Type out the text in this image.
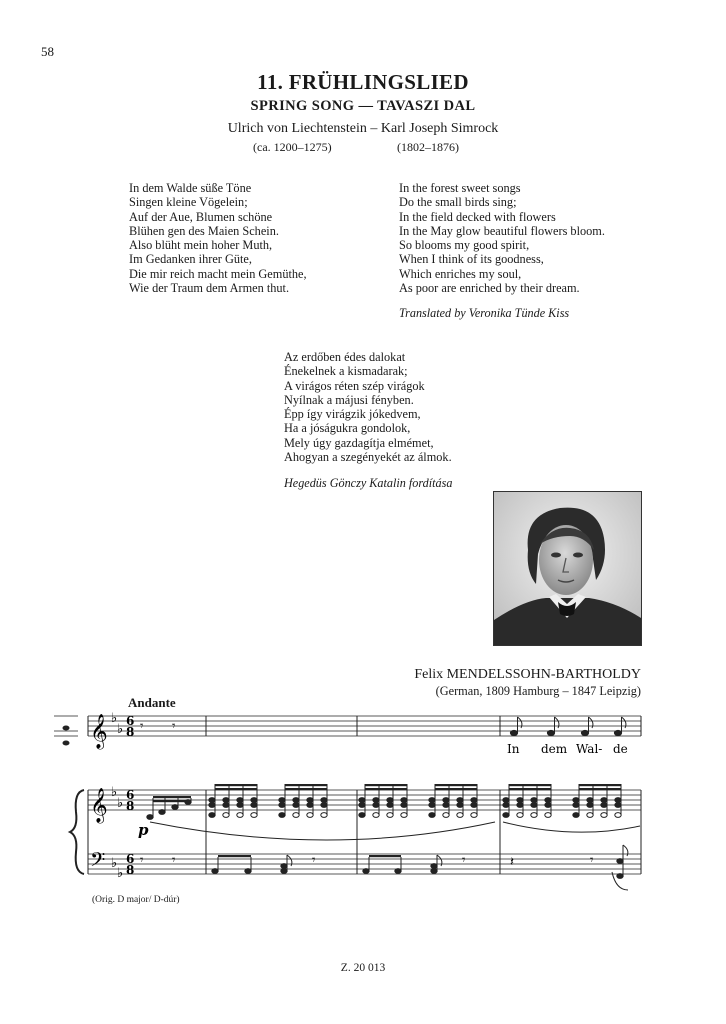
58
11. FRÜHLINGSLIED
SPRING SONG — TAVASZI DAL
Ulrich von Liechtenstein – Karl Joseph Simrock
(ca. 1200–1275)	(1802–1876)
In dem Walde süße Töne
Singen kleine Vögelein;
Auf der Aue, Blumen schöne
Blühen gen des Maien Schein.
Also blüht mein hoher Muth,
Im Gedanken ihrer Güte,
Die mir reich macht mein Gemüthe,
Wie der Traum dem Armen thut.
In the forest sweet songs
Do the small birds sing;
In the field decked with flowers
In the May glow beautiful flowers bloom.
So blooms my good spirit,
When I think of its goodness,
Which enriches my soul,
As poor are enriched by their dream.
Translated by Veronika Tünde Kiss
Az erdőben édes dalokat
Énekelnek a kismadarak;
A virágos réten szép virágok
Nyílnak a májusi fényben.
Épp így virágzik jókedvem,
Ha a jóságukra gondolok,
Mely úgy gazdagítja elmémet,
Ahogyan a szegényekét az álmok.
Hegedüs Gönczy Katalin fordítása
Felix MENDELSSOHN-BARTHOLDY
(German, 1809 Hamburg – 1847 Leipzig)
Andante
𝄞
𝄞
𝄢
♭
♭
♭
♭
♭
♭
6
8
6
8
6
8
𝄾 𝄾
In dem Wal- de
p
𝄾 𝄾	𝄾	𝄾	𝄽	𝄾
(Orig. D major/ D-dúr)
Z. 20 013
